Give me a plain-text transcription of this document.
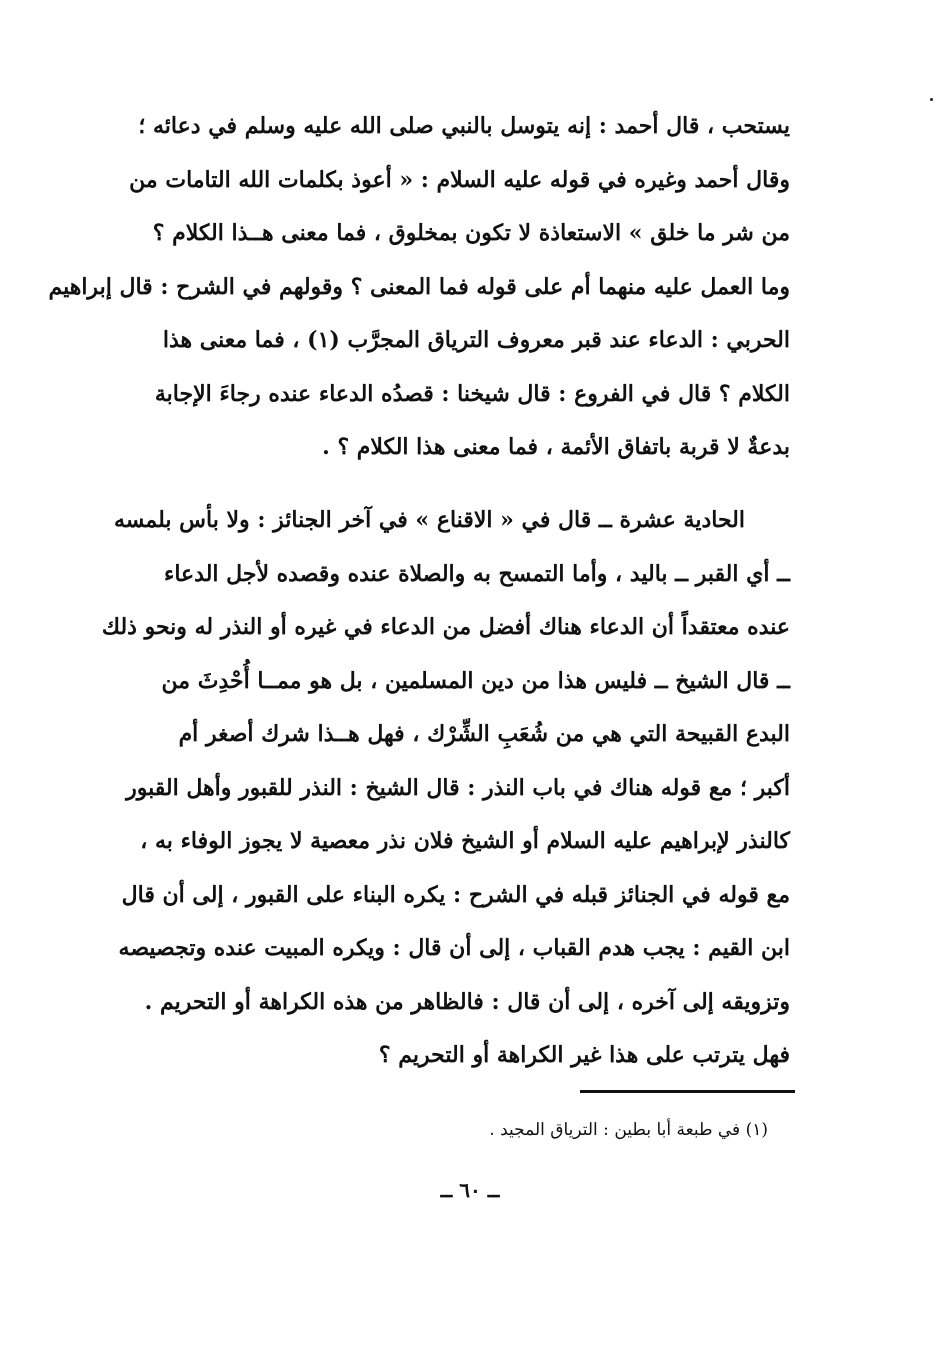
يستحب ، قال أحمد : إنه يتوسل بالنبي صلى الله عليه وسلم في دعائه ؛
وقال أحمد وغيره في قوله عليه السلام : « أعوذ بكلمات الله التامات من
من شر ما خلق » الاستعاذة لا تكون بمخلوق ، فما معنى هــذا الكلام ؟
وما العمل عليه منهما أم على قوله فما المعنى ؟ وقولهم في الشرح : قال إبراهيم
الحربي : الدعاء عند قبر معروف الترياق المجرَّب (١) ، فما معنى هذا
الكلام ؟ قال في الفروع : قال شيخنا : قصدُه الدعاء عنده رجاءَ الإجابة
بدعةٌ لا قربة باتفاق الأئمة ، فما معنى هذا الكلام ؟ .
الحادية عشرة ــ قال في « الاقناع » في آخر الجنائز : ولا بأس بلمسه
ــ أي القبر ــ باليد ، وأما التمسح به والصلاة عنده وقصده لأجل الدعاء
عنده معتقداً أن الدعاء هناك أفضل من الدعاء في غيره أو النذر له ونحو ذلك
ــ قال الشيخ ــ فليس هذا من دين المسلمين ، بل هو ممــا أُحْدِثَ من
البدع القبيحة التي هي من شُعَبِ الشِّرْك ، فهل هــذا شرك أصغر أم
أكبر ؛ مع قوله هناك في باب النذر : قال الشيخ : النذر للقبور وأهل القبور
كالنذر لإبراهيم عليه السلام أو الشيخ فلان نذر معصية لا يجوز الوفاء به ،
مع قوله في الجنائز قبله في الشرح : يكره البناء على القبور ، إلى أن قال
ابن القيم : يجب هدم القباب ، إلى أن قال : ويكره المبيت عنده وتجصيصه
وتزويقه إلى آخره ، إلى أن قال : فالظاهر من هذه الكراهة أو التحريم .
فهل يترتب على هذا غير الكراهة أو التحريم ؟
(١) في طبعة أبا بطين : الترياق المجيد .
ــ ٦٠ ــ
